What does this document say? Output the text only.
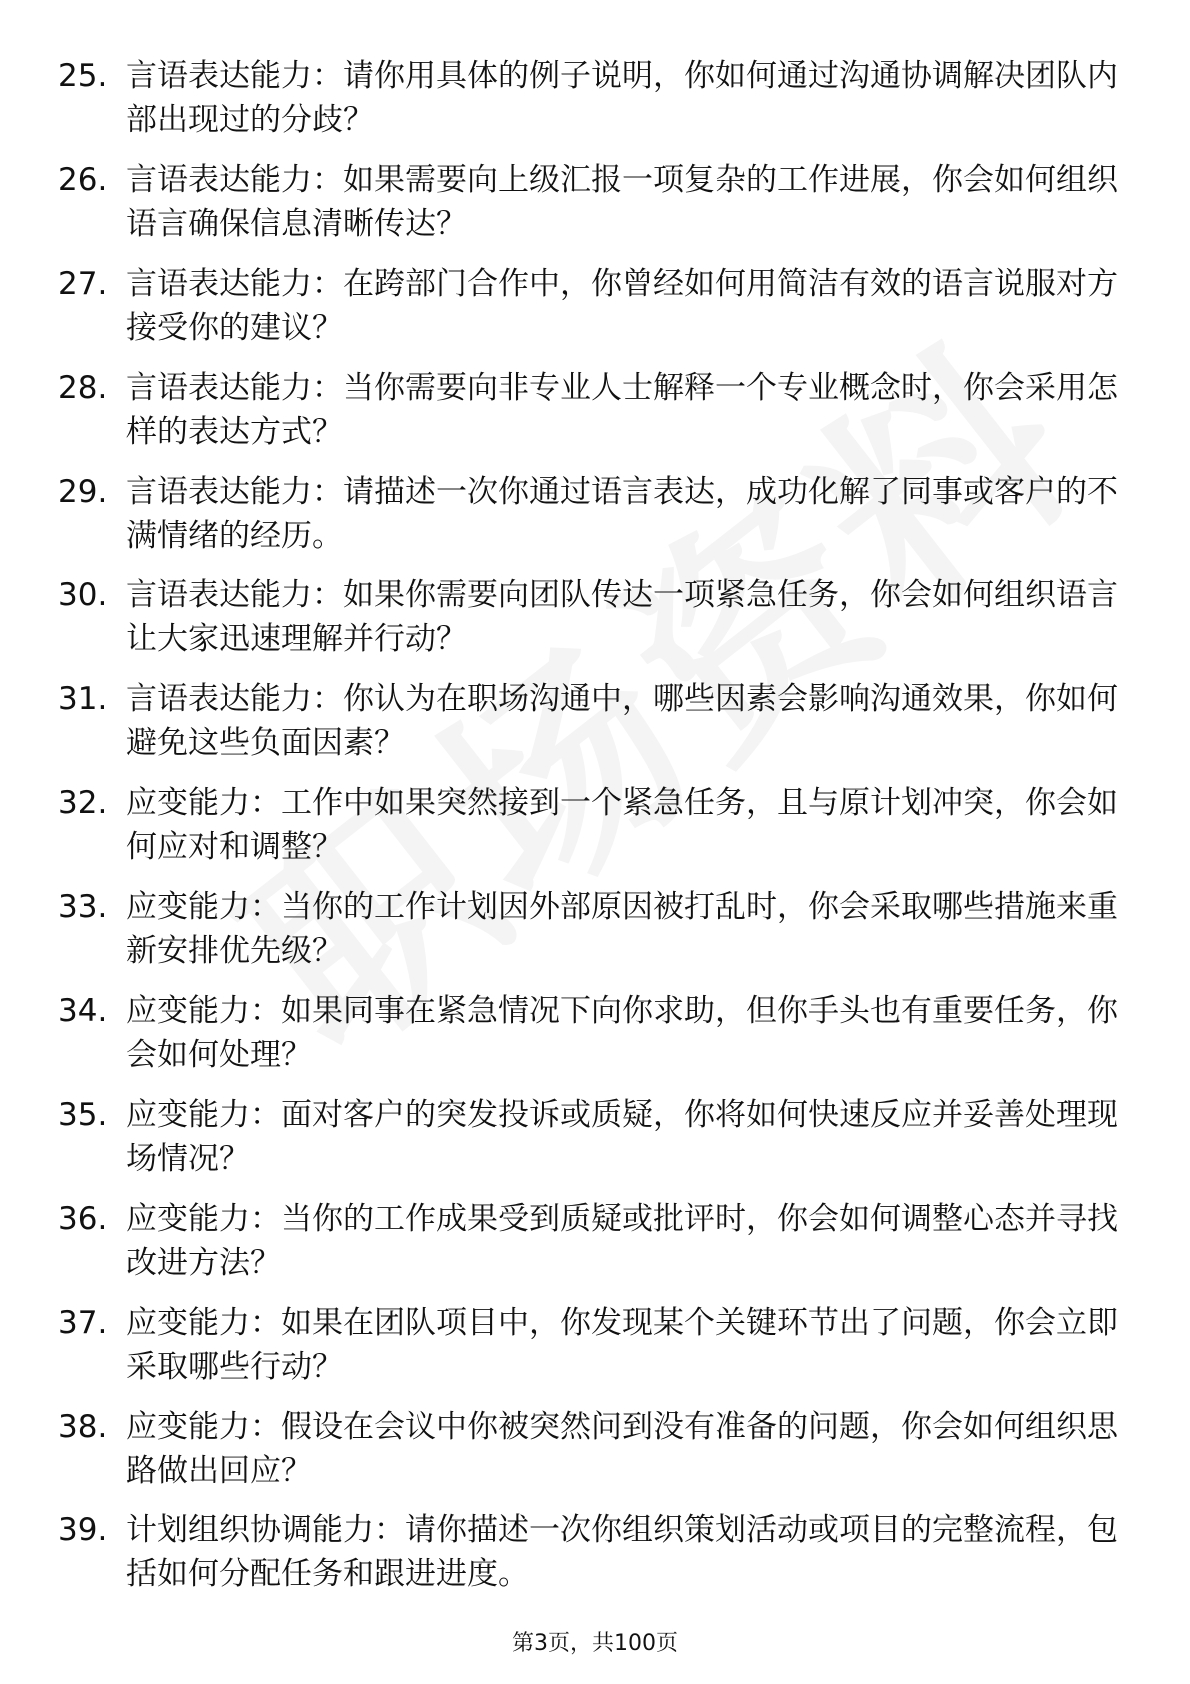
25. 言语表达能力：请你用具体的例子说明，你如何通过沟通协调解决团队内部出现过的分歧？
26. 言语表达能力：如果需要向上级汇报一项复杂的工作进展，你会如何组织语言确保信息清晰传达？
27. 言语表达能力：在跨部门合作中，你曾经如何用简洁有效的语言说服对方接受你的建议？
28. 言语表达能力：当你需要向非专业人士解释一个专业概念时，你会采用怎样的表达方式？
29. 言语表达能力：请描述一次你通过语言表达，成功化解了同事或客户的不满情绪的经历。
30. 言语表达能力：如果你需要向团队传达一项紧急任务，你会如何组织语言让大家迅速理解并行动？
31. 言语表达能力：你认为在职场沟通中，哪些因素会影响沟通效果，你如何避免这些负面因素？
32. 应变能力：工作中如果突然接到一个紧急任务，且与原计划冲突，你会如何应对和调整？
33. 应变能力：当你的工作计划因外部原因被打乱时，你会采取哪些措施来重新安排优先级？
34. 应变能力：如果同事在紧急情况下向你求助，但你手头也有重要任务，你会如何处理？
35. 应变能力：面对客户的突发投诉或质疑，你将如何快速反应并妥善处理现场情况？
36. 应变能力：当你的工作成果受到质疑或批评时，你会如何调整心态并寻找改进方法？
37. 应变能力：如果在团队项目中，你发现某个关键环节出了问题，你会立即采取哪些行动？
38. 应变能力：假设在会议中你被突然问到没有准备的问题，你会如何组织思路做出回应？
39. 计划组织协调能力：请你描述一次你组织策划活动或项目的完整流程，包括如何分配任务和跟进进度。
第3页，共100页
